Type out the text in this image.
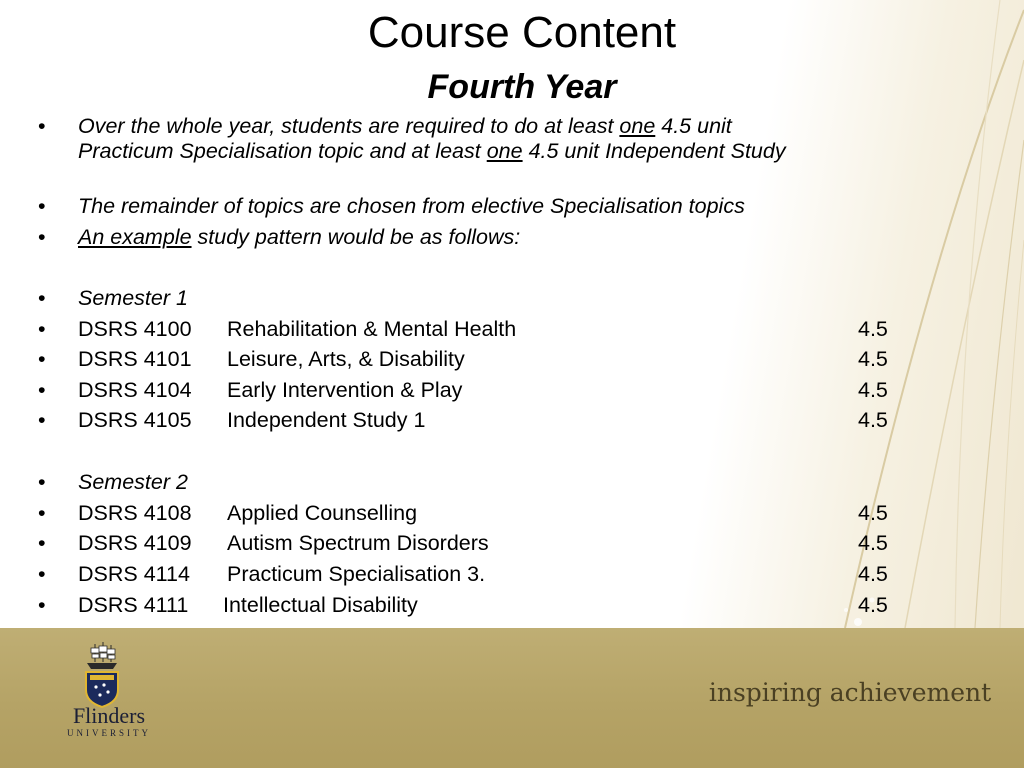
Course Content
Fourth Year
• Over the whole year, students are required to do at least one 4.5 unit
Practicum Specialisation topic and at least one 4.5 unit Independent Study
• The remainder of topics are chosen from elective Specialisation topics
• An example study pattern would be as follows:
• Semester 1
• DSRS 4100 Rehabilitation & Mental Health	4.5
• DSRS 4101 Leisure, Arts, & Disability	4.5
• DSRS 4104 Early Intervention & Play	4.5
• DSRS 4105 Independent Study 1	4.5
• Semester 2
• DSRS 4108 Applied Counselling	4.5
• DSRS 4109 Autism Spectrum Disorders	4.5
• DSRS 4114 Practicum Specialisation 3.	4.5
• DSRS 4111 Intellectual Disability	4.5
Flinders
UNIVERSITY
inspiring achievement
